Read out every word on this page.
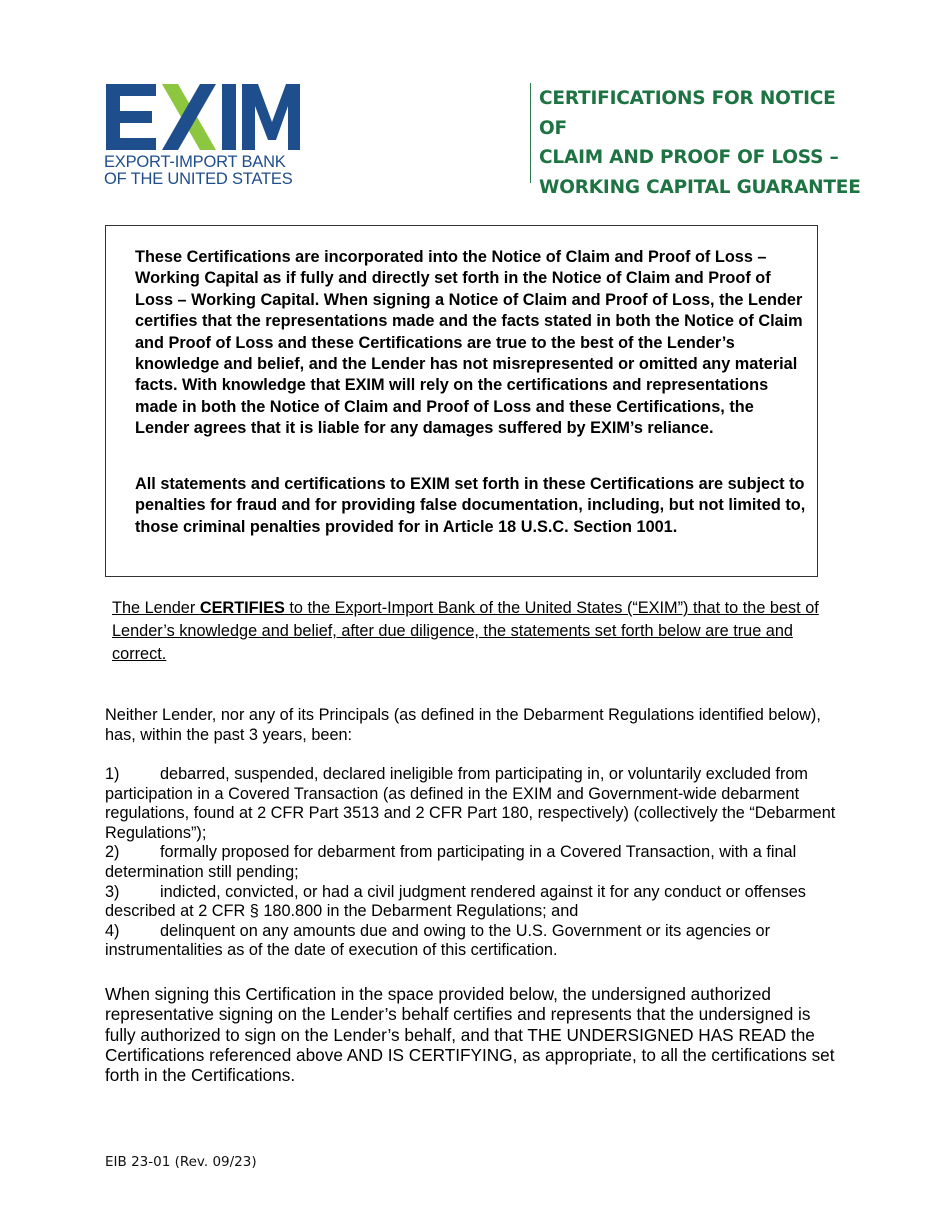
EXPORT-IMPORT BANK
OF THE UNITED STATES
CERTIFICATIONS FOR NOTICE OF
CLAIM AND PROOF OF LOSS –
WORKING CAPITAL GUARANTEE

These Certifications are incorporated into the Notice of Claim and Proof of Loss – Working Capital as if fully and directly set forth in the Notice of Claim and Proof of Loss – Working Capital. When signing a Notice of Claim and Proof of Loss, the Lender certifies that the representations made and the facts stated in both the Notice of Claim and Proof of Loss and these Certifications are true to the best of the Lender’s knowledge and belief, and the Lender has not misrepresented or omitted any material facts. With knowledge that EXIM will rely on the certifications and representations made in both the Notice of Claim and Proof of Loss and these Certifications, the Lender agrees that it is liable for any damages suffered by EXIM’s reliance.

All statements and certifications to EXIM set forth in these Certifications are subject to penalties for fraud and for providing false documentation, including, but not limited to, those criminal penalties provided for in Article 18 U.S.C. Section 1001.

The Lender CERTIFIES to the Export-Import Bank of the United States (“EXIM”) that to the best of Lender’s knowledge and belief, after due diligence, the statements set forth below are true and correct.

Neither Lender, nor any of its Principals (as defined in the Debarment Regulations identified below), has, within the past 3 years, been:

1) debarred, suspended, declared ineligible from participating in, or voluntarily excluded from participation in a Covered Transaction (as defined in the EXIM and Government-wide debarment regulations, found at 2 CFR Part 3513 and 2 CFR Part 180, respectively) (collectively the “Debarment Regulations”);

2) formally proposed for debarment from participating in a Covered Transaction, with a final determination still pending;

3) indicted, convicted, or had a civil judgment rendered against it for any conduct or offenses described at 2 CFR § 180.800 in the Debarment Regulations; and

4) delinquent on any amounts due and owing to the U.S. Government or its agencies or instrumentalities as of the date of execution of this certification.

When signing this Certification in the space provided below, the undersigned authorized representative signing on the Lender’s behalf certifies and represents that the undersigned is fully authorized to sign on the Lender’s behalf, and that THE UNDERSIGNED HAS READ the Certifications referenced above AND IS CERTIFYING, as appropriate, to all the certifications set forth in the Certifications.

EIB 23-01 (Rev. 09/23)
